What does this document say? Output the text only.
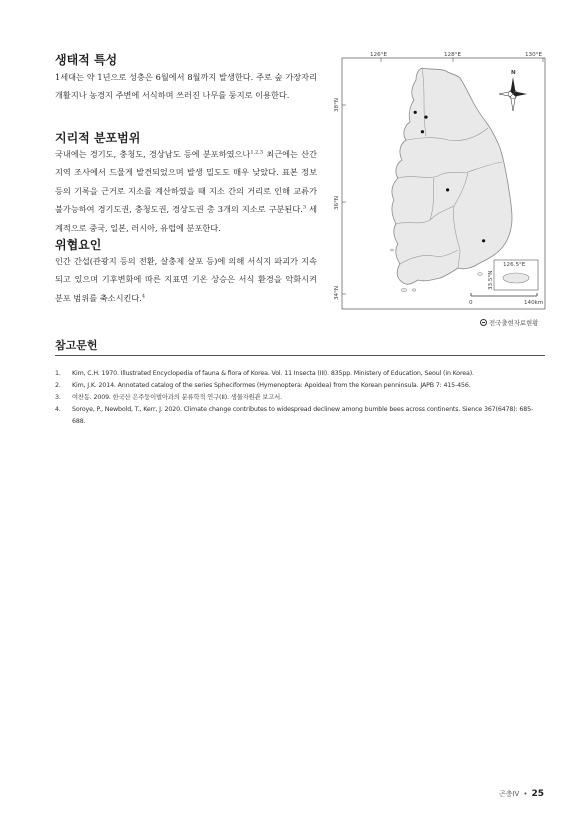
생태적 특성
1세대는 약 1년으로 성충은 6월에서 8월까지 발생한다. 주로 숲 가장자리 개활지나 농경지 주변에 서식하며 쓰러진 나무를 둥지로 이용한다.
지리적 분포범위
국내에는 경기도, 충청도, 경상남도 등에 분포하였으나$^{1,2,3}$ 최근에는 산간지역 조사에서 드물게 발견되었으며 발생 밀도도 매우 낮았다. 표본 정보 등의 기록을 근거로 지소를 계산하였을 때 지소 간의 거리로 인해 교류가 불가능하여 경기도권, 충청도권, 경상도권 총 3개의 지소로 구분된다.$^3$ 세계적으로 중국, 일본, 러시아, 유럽에 분포한다.
위협요인
인간 간섭(관광지 등의 전환, 살충제 살포 등)에 의해 서식지 파괴가 지속되고 있으며 기후변화에 따른 지표면 기온 상승은 서식 환경을 악화시켜 분포 범위를 축소시킨다.$^4$
126°E	128°E	130°E
38°N
36°N
34°N
N
126.5°E
33.5°N
0	140km
전국출현자료현황
참고문헌
1. Kim, C.H. 1970. Illustrated Encyclopedia of fauna & flora of Korea. Vol. 11 Insecta (III). 835pp. Ministery of Education, Seoul (in Korea).
2. Kim, J.K. 2014. Annotated catalog of the series Spheciformes (Hymenoptera: Apoidea) from the Korean penninsula. JAPB 7: 415-456.
3. 여찬동. 2009. 한국산 은주둥이벌아과의 분류학적 연구(II). 생물자원관 보고서.
4. Soroye, P., Newbold, T., Kerr, J. 2020. Climate change contributes to widespread declinew among bumble bees across continents. Sience 367(6478): 685-688.
곤충IV • 25
